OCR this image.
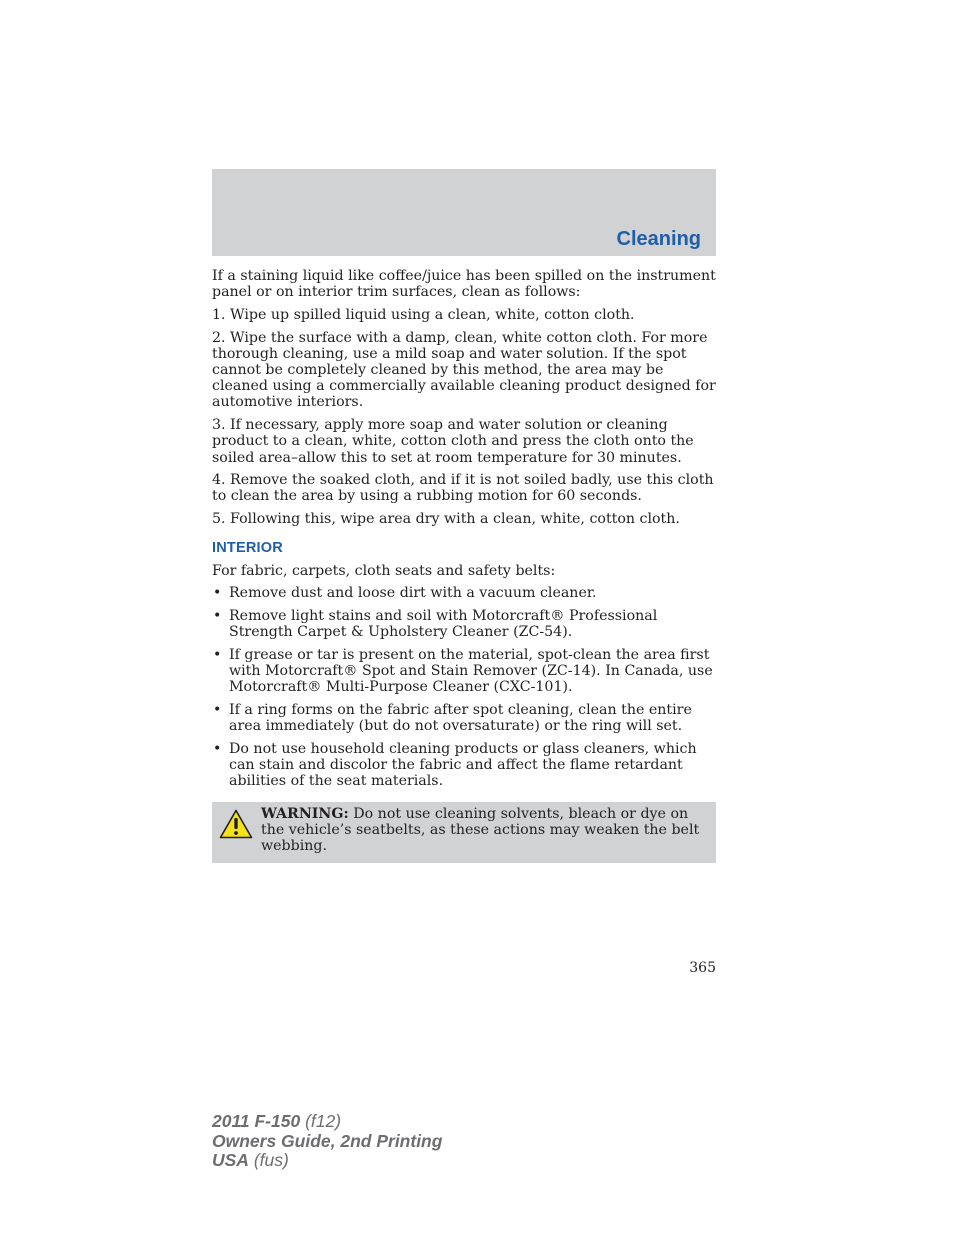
Cleaning

If a staining liquid like coffee/juice has been spilled on the instrument panel or on interior trim surfaces, clean as follows:

1. Wipe up spilled liquid using a clean, white, cotton cloth.

2. Wipe the surface with a damp, clean, white cotton cloth. For more thorough cleaning, use a mild soap and water solution. If the spot cannot be completely cleaned by this method, the area may be cleaned using a commercially available cleaning product designed for automotive interiors.

3. If necessary, apply more soap and water solution or cleaning product to a clean, white, cotton cloth and press the cloth onto the soiled area–allow this to set at room temperature for 30 minutes.

4. Remove the soaked cloth, and if it is not soiled badly, use this cloth to clean the area by using a rubbing motion for 60 seconds.

5. Following this, wipe area dry with a clean, white, cotton cloth.

INTERIOR

For fabric, carpets, cloth seats and safety belts:

• Remove dust and loose dirt with a vacuum cleaner.
• Remove light stains and soil with Motorcraft® Professional Strength Carpet & Upholstery Cleaner (ZC-54).
• If grease or tar is present on the material, spot-clean the area first with Motorcraft® Spot and Stain Remover (ZC-14). In Canada, use Motorcraft® Multi-Purpose Cleaner (CXC-101).
• If a ring forms on the fabric after spot cleaning, clean the entire area immediately (but do not oversaturate) or the ring will set.
• Do not use household cleaning products or glass cleaners, which can stain and discolor the fabric and affect the flame retardant abilities of the seat materials.
WARNING: Do not use cleaning solvents, bleach or dye on the vehicle’s seatbelts, as these actions may weaken the belt webbing.
365
2011 F-150 (f12)
Owners Guide, 2nd Printing
USA (fus)
